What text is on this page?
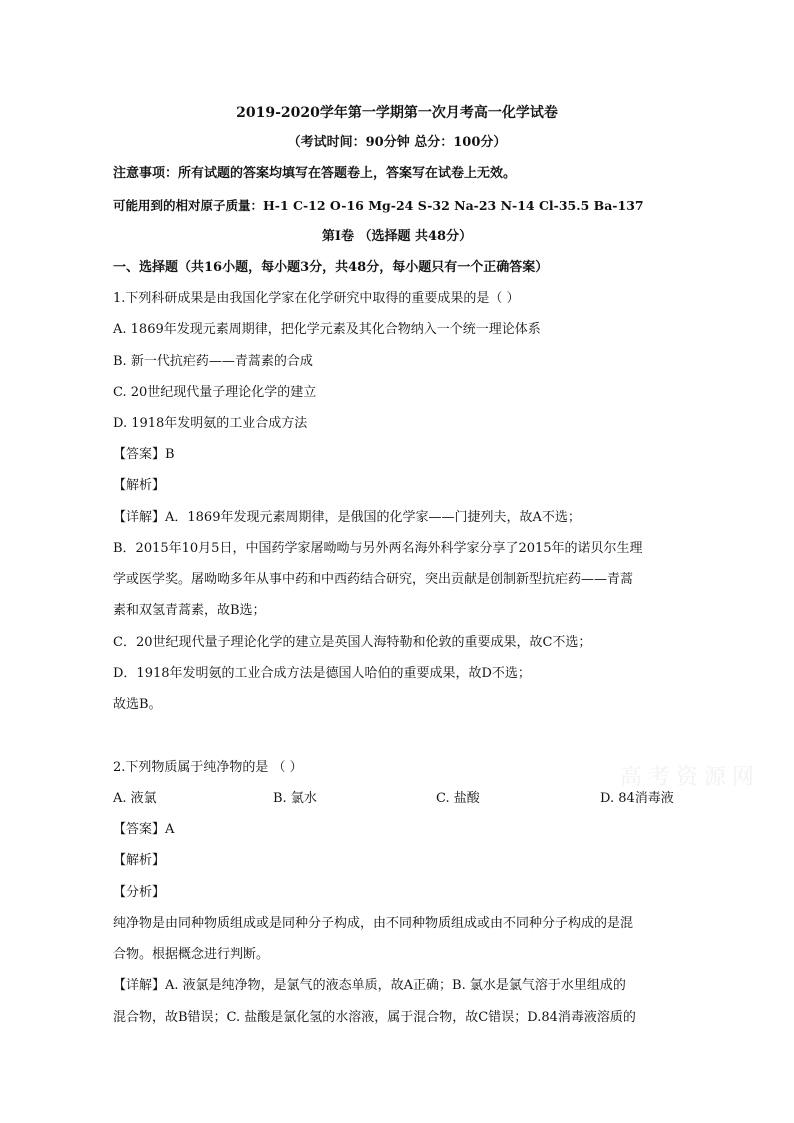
2019-2020学年第一学期第一次月考高一化学试卷
（考试时间：90分钟 总分：100分）
注意事项：所有试题的答案均填写在答题卷上，答案写在试卷上无效。
可能用到的相对原子质量：H-1 C-12 O-16 Mg-24 S-32 Na-23 N-14 Cl-35.5 Ba-137
第Ⅰ卷 （选择题 共48分）
一、选择题（共16小题，每小题3分，共48分，每小题只有一个正确答案）
1.下列科研成果是由我国化学家在化学研究中取得的重要成果的是（ ）
A. 1869年发现元素周期律，把化学元素及其化合物纳入一个统一理论体系
B. 新一代抗疟药——青蒿素的合成
C. 20世纪现代量子理论化学的建立
D. 1918年发明氨的工业合成方法
【答案】B
【解析】
【详解】A．1869年发现元素周期律，是俄国的化学家——门捷列夫，故A不选；
B．2015年10月5日，中国药学家屠呦呦与另外两名海外科学家分享了2015年的诺贝尔生理
学或医学奖。屠呦呦多年从事中药和中西药结合研究，突出贡献是创制新型抗疟药——青蒿
素和双氢青蒿素，故B选；
C．20世纪现代量子理论化学的建立是英国人海特勒和伦敦的重要成果，故C不选；
D．1918年发明氨的工业合成方法是德国人哈伯的重要成果，故D不选；
故选B。
2.下列物质属于纯净物的是 （ ）
A. 液氯	B. 氯水	C. 盐酸	D. 84消毒液
【答案】A
【解析】
【分析】
纯净物是由同种物质组成或是同种分子构成，由不同种物质组成或由不同种分子构成的是混
合物。根据概念进行判断。
【详解】A. 液氯是纯净物，是氯气的液态单质，故A正确；B. 氯水是氯气溶于水里组成的
混合物，故B错误；C. 盐酸是氯化氢的水溶液，属于混合物，故C错误；D.84消毒液溶质的
高考资源网
